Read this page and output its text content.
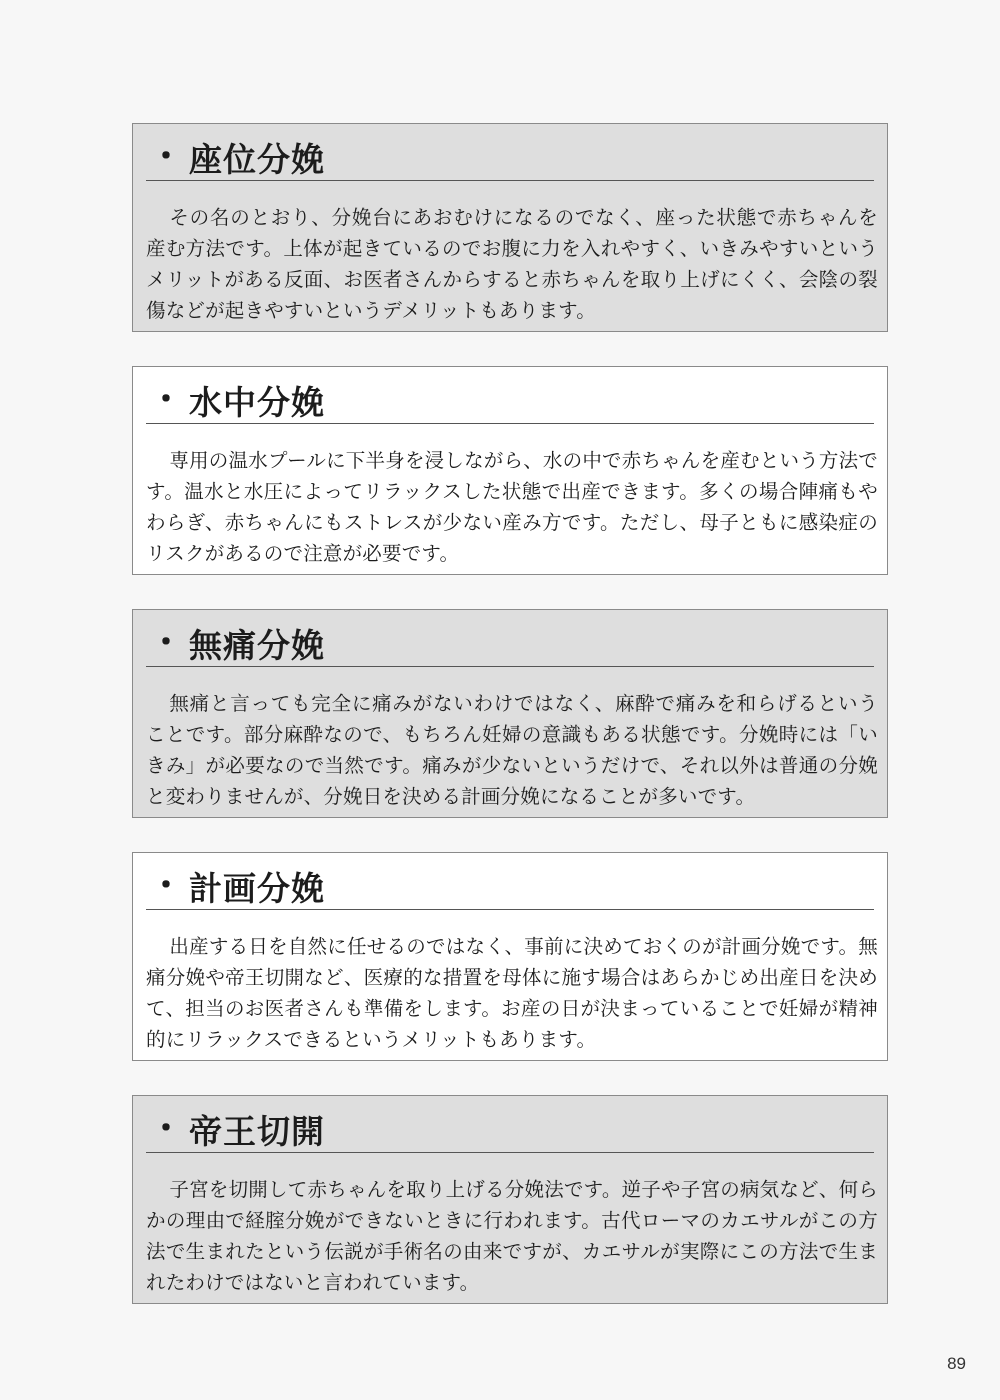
・ 座位分娩
その名のとおり、分娩台にあおむけになるのでなく、座った状態で赤ちゃんを産む方法です。上体が起きているのでお腹に力を入れやすく、いきみやすいというメリットがある反面、お医者さんからすると赤ちゃんを取り上げにくく、会陰の裂傷などが起きやすいというデメリットもあります。
・ 水中分娩
専用の温水プールに下半身を浸しながら、水の中で赤ちゃんを産むという方法です。温水と水圧によってリラックスした状態で出産できます。多くの場合陣痛もやわらぎ、赤ちゃんにもストレスが少ない産み方です。ただし、母子ともに感染症のリスクがあるので注意が必要です。
・ 無痛分娩
無痛と言っても完全に痛みがないわけではなく、麻酔で痛みを和らげるということです。部分麻酔なので、もちろん妊婦の意識もある状態です。分娩時には「いきみ」が必要なので当然です。痛みが少ないというだけで、それ以外は普通の分娩と変わりませんが、分娩日を決める計画分娩になることが多いです。
・ 計画分娩
出産する日を自然に任せるのではなく、事前に決めておくのが計画分娩です。無痛分娩や帝王切開など、医療的な措置を母体に施す場合はあらかじめ出産日を決めて、担当のお医者さんも準備をします。お産の日が決まっていることで妊婦が精神的にリラックスできるというメリットもあります。
・ 帝王切開
子宮を切開して赤ちゃんを取り上げる分娩法です。逆子や子宮の病気など、何らかの理由で経腟分娩ができないときに行われます。古代ローマのカエサルがこの方法で生まれたという伝説が手術名の由来ですが、カエサルが実際にこの方法で生まれたわけではないと言われています。
89
